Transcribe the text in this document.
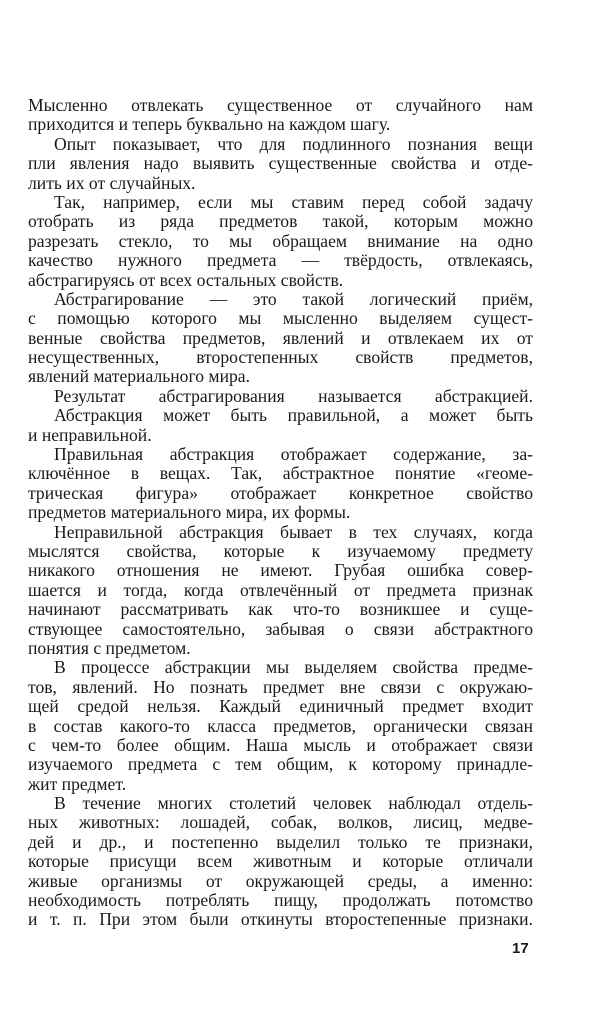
Мысленно отвлекать существенное от случайного нам
приходится и теперь буквально на каждом шагу.
Опыт показывает, что для подлинного познания вещи
пли явления надо выявить существенные свойства и отде-
лить их от случайных.
Так, например, если мы ставим перед собой задачу
отобрать из ряда предметов такой, которым можно
разрезать стекло, то мы обращаем внимание на одно
качество нужного предмета — твёрдость, отвлекаясь,
абстрагируясь от всех остальных свойств.
Абстрагирование — это такой логический приём,
с помощью которого мы мысленно выделяем сущест-
венные свойства предметов, явлений и отвлекаем их от
несущественных, второстепенных свойств предметов,
явлений материального мира.
Результат абстрагирования называется абстракцией.
Абстракция может быть правильной, а может быть
и неправильной.
Правильная абстракция отображает содержание, за-
ключённое в вещах. Так, абстрактное понятие «геоме-
трическая фигура» отображает конкретное свойство
предметов материального мира, их формы.
Неправильной абстракция бывает в тех случаях, когда
мыслятся свойства, которые к изучаемому предмету
никакого отношения не имеют. Грубая ошибка совер-
шается и тогда, когда отвлечённый от предмета признак
начинают рассматривать как что-то возникшее и суще-
ствующее самостоятельно, забывая о связи абстрактного
понятия с предметом.
В процессе абстракции мы выделяем свойства предме-
тов, явлений. Но познать предмет вне связи с окружаю-
щей средой нельзя. Каждый единичный предмет входит
в состав какого-то класса предметов, органически связан
с чем-то более общим. Наша мысль и отображает связи
изучаемого предмета с тем общим, к которому принадле-
жит предмет.
В течение многих столетий человек наблюдал отдель-
ных животных: лошадей, собак, волков, лисиц, медве-
дей и др., и постепенно выделил только те признаки,
которые присущи всем животным и которые отличали
живые организмы от окружающей среды, а именно:
необходимость потреблять пищу, продолжать потомство
и т. п. При этом были откинуты второстепенные признаки.
17
